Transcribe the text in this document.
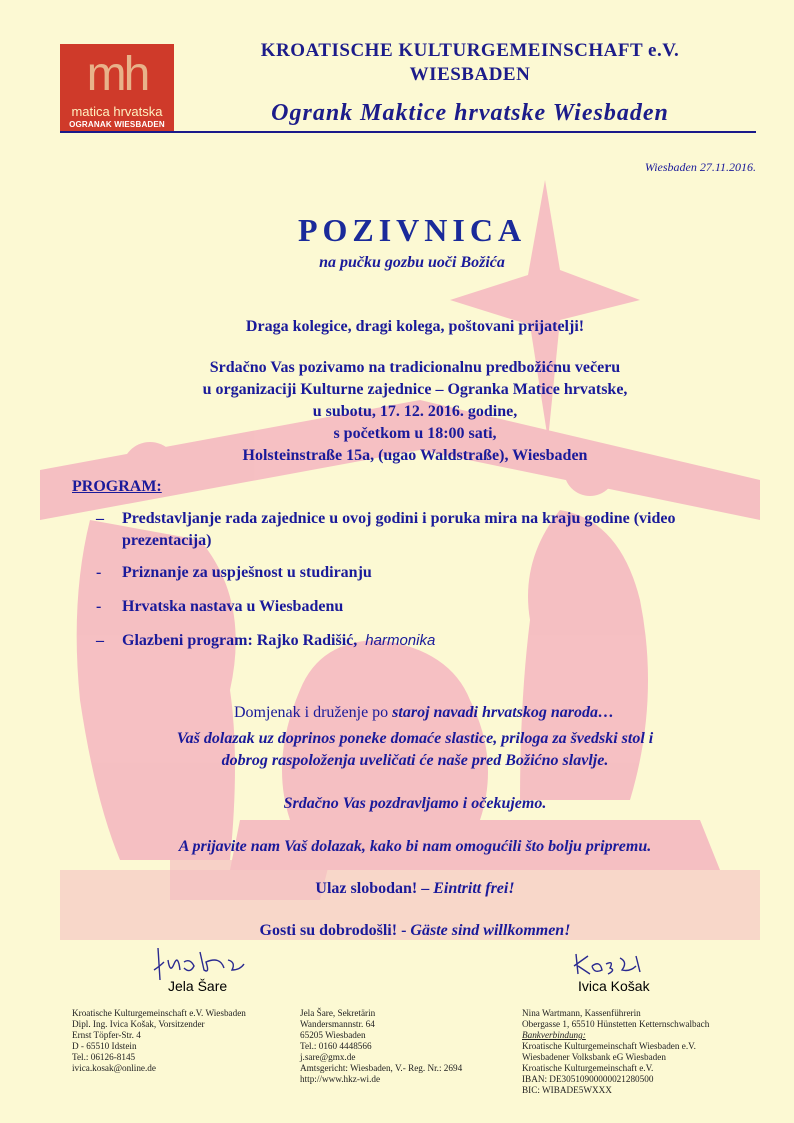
mh
matica hrvatska
OGRANAK WIESBADEN
KROATISCHE KULTURGEMEINSCHAFT e.V.
WIESBADEN
Ogrank Maktice hrvatske Wiesbaden
Wiesbaden 27.11.2016.
POZIVNICA
na pučku gozbu uoči Božića
Draga kolegice, dragi kolega, poštovani prijatelji!
Srdačno Vas pozivamo na tradicionalnu predbožićnu večeru
u organizaciji Kulturne zajednice – Ogranka Matice hrvatske,
u subotu, 17. 12. 2016. godine,
s početkom u 18:00 sati,
Holsteinstraße 15a, (ugao Waldstraße), Wiesbaden
PROGRAM:
– Predstavljanje rada zajednice u ovoj godini i poruka mira na kraju godine (video prezentacija)
- Priznanje za uspješnost u studiranju
- Hrvatska nastava u Wiesbadenu
– Glazbeni program: Rajko Radišić, harmonika
Domjenak i druženje po staroj navadi hrvatskog naroda…
Vaš dolazak uz doprinos poneke domaće slastice, priloga za švedski stol i
dobrog raspoloženja uveličati će naše pred Božićno slavlje.
Srdačno Vas pozdravljamo i očekujemo.
A prijavite nam Vaš dolazak, kako bi nam omogućili što bolju pripremu.
Ulaz slobodan! – Eintritt frei!
Gosti su dobrodošli! - Gäste sind willkommen!
Jela Šare	Ivica Košak
Kroatische Kulturgemeinschaft e.V. Wiesbaden
Dipl. Ing. Ivica Košak, Vorsitzender
Ernst Töpfer-Str. 4
D - 65510 Idstein
Tel.: 06126-8145
ivica.kosak@online.de
Jela Šare, Sekretärin
Wandersmannstr. 64
65205 Wiesbaden
Tel.: 0160 4448566
j.sare@gmx.de
Amtsgericht: Wiesbaden, V.- Reg. Nr.: 2694
http://www.hkz-wi.de
Nina Wartmann, Kassenführerin
Obergasse 1, 65510 Hünstetten Ketternschwalbach
Bankverbindung:
Kroatische Kulturgemeinschaft Wiesbaden e.V.
Wiesbadener Volksbank eG Wiesbaden
Kroatische Kulturgemeinschaft e.V.
IBAN: DE30510900000021280500
BIC: WIBADE5WXXX
